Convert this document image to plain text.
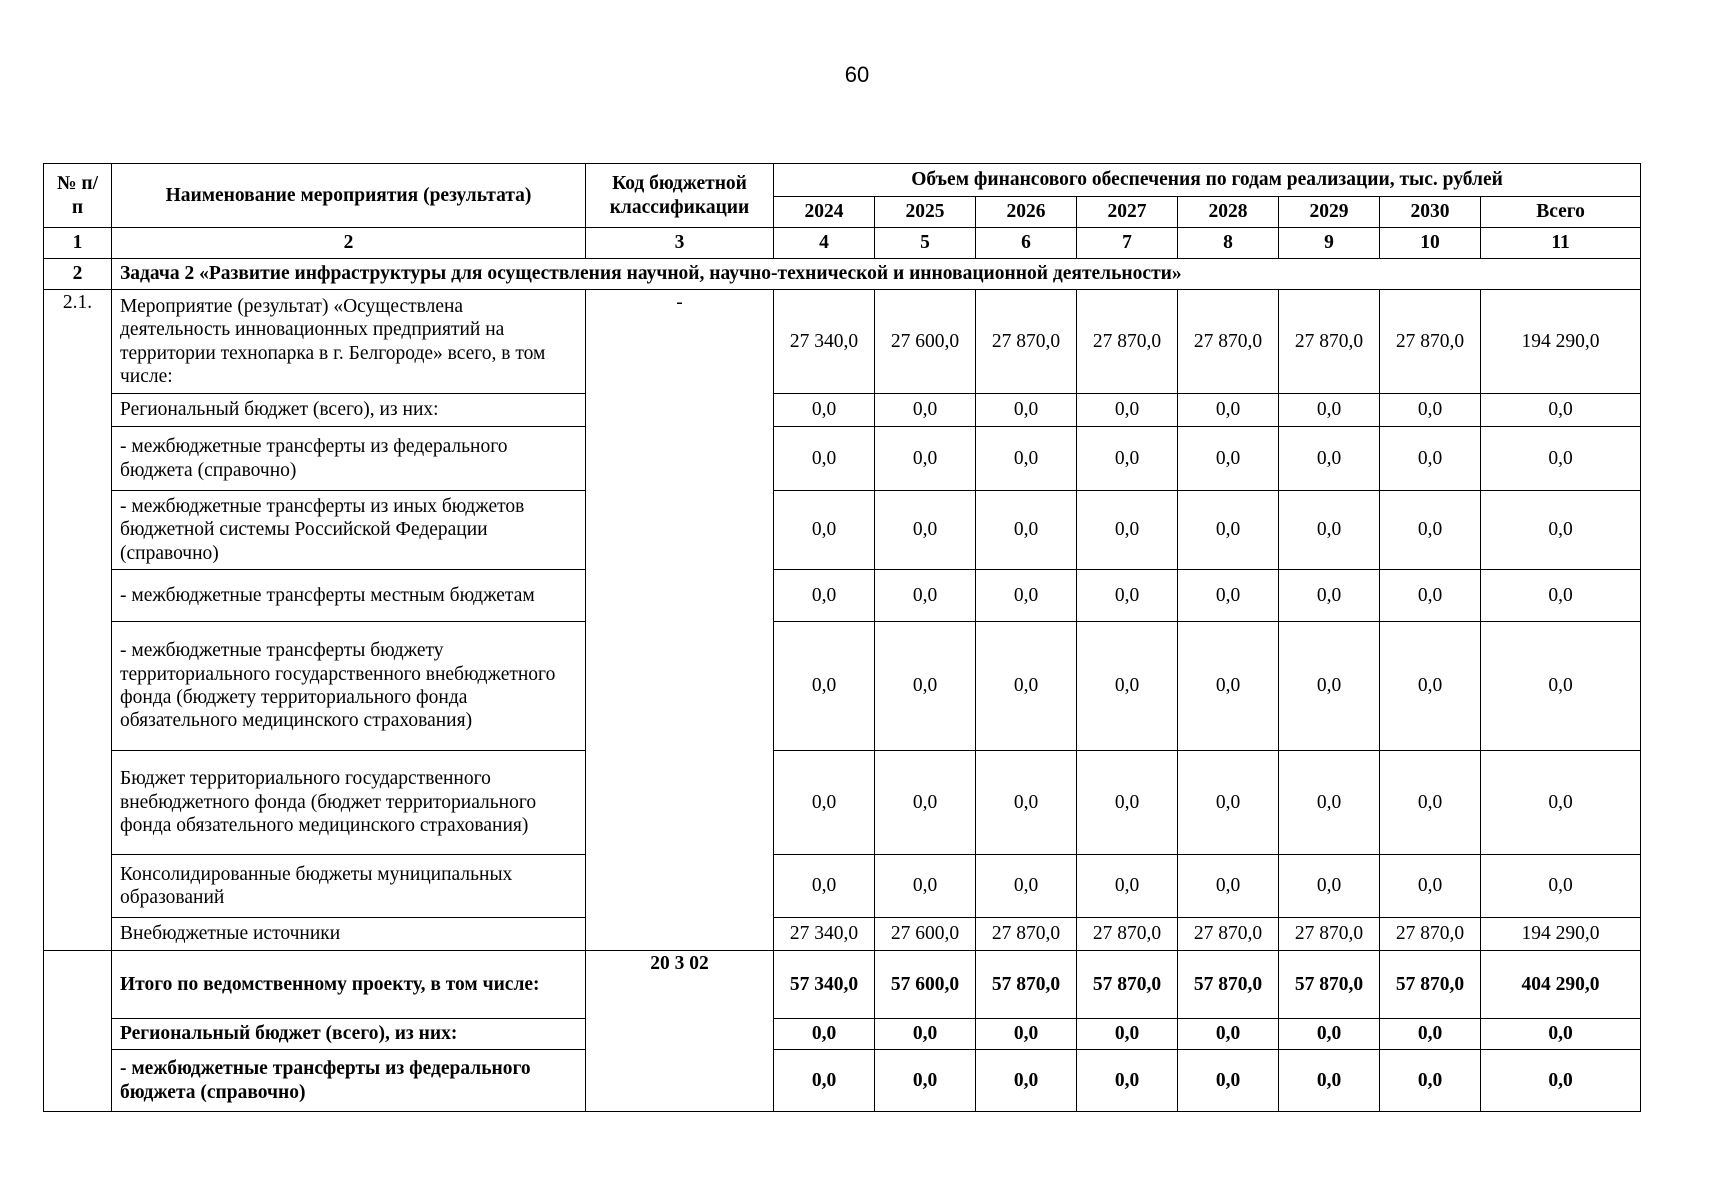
60
№ п/п	Наименование мероприятия (результата)	Код бюджетной классификации	Объем финансового обеспечения по годам реализации, тыс. рублей							
			2024	2025	2026	2027	2028	2029	2030	Всего
1	2	3	4	5	6	7	8	9	10	11
2	Задача 2 «Развитие инфраструктуры для осуществления научной, научно-технической и инновационной деятельности»									
2.1.	Мероприятие (результат) «Осуществлена деятельность инновационных предприятий на территории технопарка в г. Белгороде» всего, в том числе:	-	27 340,0	27 600,0	27 870,0	27 870,0	27 870,0	27 870,0	27 870,0	194 290,0
	Региональный бюджет (всего), из них:		0,0	0,0	0,0	0,0	0,0	0,0	0,0	0,0
	- межбюджетные трансферты из федерального бюджета (справочно)		0,0	0,0	0,0	0,0	0,0	0,0	0,0	0,0
	- межбюджетные трансферты из иных бюджетов бюджетной системы Российской Федерации (справочно)		0,0	0,0	0,0	0,0	0,0	0,0	0,0	0,0
	- межбюджетные трансферты местным бюджетам		0,0	0,0	0,0	0,0	0,0	0,0	0,0	0,0
	- межбюджетные трансферты бюджету территориального государственного внебюджетного фонда (бюджету территориального фонда обязательного медицинского страхования)		0,0	0,0	0,0	0,0	0,0	0,0	0,0	0,0
	Бюджет территориального государственного внебюджетного фонда (бюджет территориального фонда обязательного медицинского страхования)		0,0	0,0	0,0	0,0	0,0	0,0	0,0	0,0
	Консолидированные бюджеты муниципальных образований		0,0	0,0	0,0	0,0	0,0	0,0	0,0	0,0
	Внебюджетные источники		27 340,0	27 600,0	27 870,0	27 870,0	27 870,0	27 870,0	27 870,0	194 290,0
	Итого по ведомственному проекту, в том числе:	20 3 02	57 340,0	57 600,0	57 870,0	57 870,0	57 870,0	57 870,0	57 870,0	404 290,0
	Региональный бюджет (всего), из них:		0,0	0,0	0,0	0,0	0,0	0,0	0,0	0,0
	- межбюджетные трансферты из федерального бюджета (справочно)		0,0	0,0	0,0	0,0	0,0	0,0	0,0	0,0
